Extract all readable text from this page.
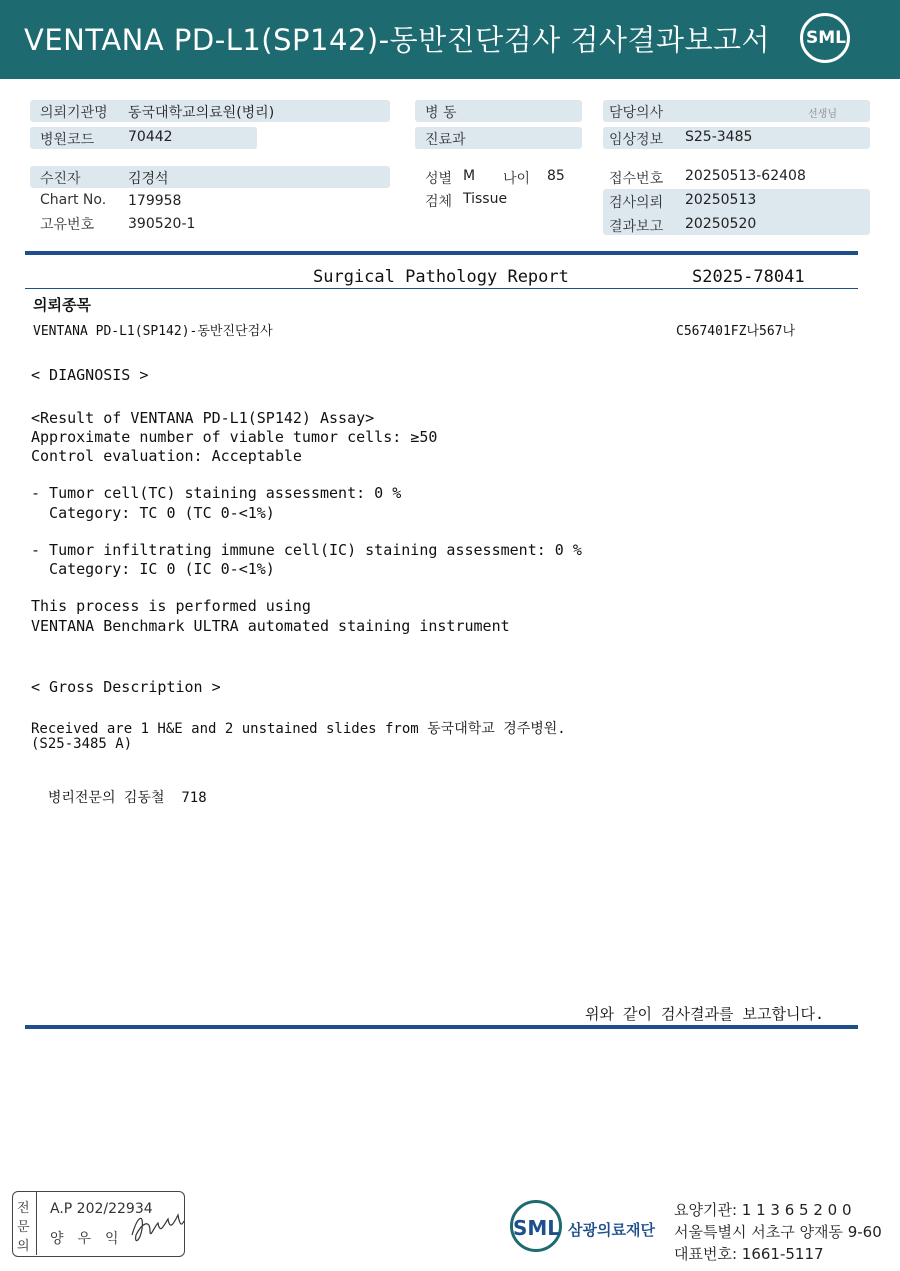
VENTANA PD-L1(SP142)-동반진단검사 검사결과보고서 SML
의뢰기관명 동국대학교의료원(병리)
병원코드 70442
수진자	김경석
Chart No. 179958
고유번호 390520-1
병 동
진료과
성별 M 나이 85
검체 Tissue
담당의사	선생님
임상정보 S25-3485
접수번호 20250513-62408
검사의뢰 20250513
결과보고 20250520
Surgical Pathology Report	S2025-78041
의뢰종목
VENTANA PD-L1(SP142)-동반진단검사	C567401FZ나567나
< DIAGNOSIS >
<Result of VENTANA PD-L1(SP142) Assay>
Approximate number of viable tumor cells: ≥50
Control evaluation: Acceptable
- Tumor cell(TC) staining assessment: 0 %
Category: TC 0 (TC 0-<1%)
- Tumor infiltrating immune cell(IC) staining assessment: 0 %
Category: IC 0 (IC 0-<1%)
This process is performed using
VENTANA Benchmark ULTRA automated staining instrument
< Gross Description >
Received are 1 H&E and 2 unstained slides from 동국대학교 경주병원.
(S25-3485 A)
병리전문의 김동철  718
위와 같이 검사결과를 보고합니다.
전
문
의
A.P 202/22934
양우익	SML 삼광의료재단
요양기관: 1 1 3 6 5 2 0 0
서울특별시 서초구 양재동 9-60
대표번호: 1661-5117
